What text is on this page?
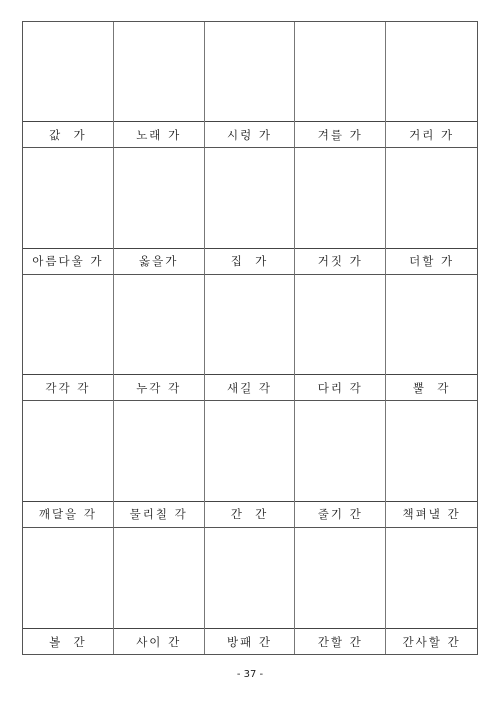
값  가	노래 가	시렁 가	겨를 가	거리 가
아름다울 가	옳을가	집  가	거짓 가	더할 가
각각 각	누각 각	새길 각	다리 각	뿔  각
깨달을 각	물리칠 각	간  간	줄기 간	책펴낼 간
볼  간	사이 간	방패 간	간할 간	간사할 간
- 37 -
